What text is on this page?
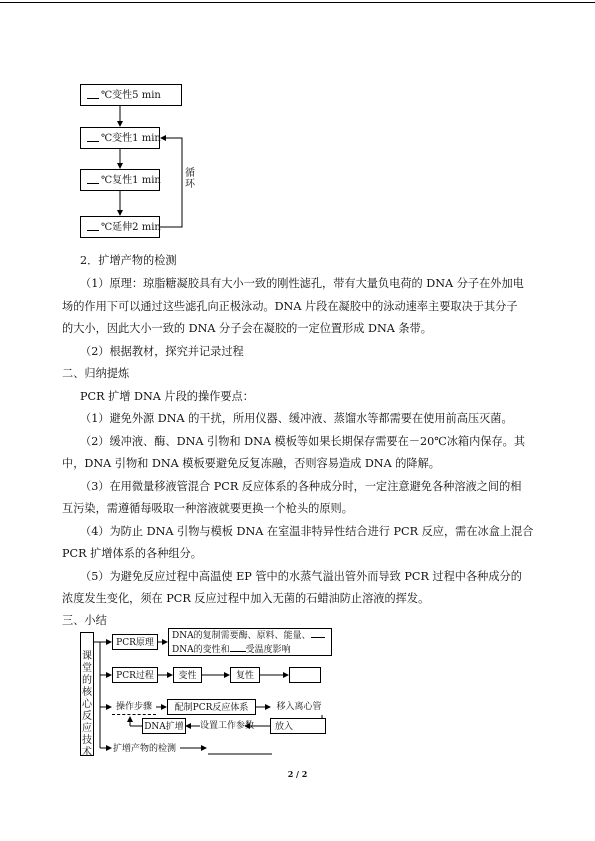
℃变性5 min
℃变性1 min
℃复性1 min
℃延伸2 min
循
环
2．扩增产物的检测
（1）原理：琼脂糖凝胶具有大小一致的刚性滤孔，带有大量负电荷的 DNA 分子在外加电
场的作用下可以通过这些滤孔向正极泳动。DNA 片段在凝胶中的泳动速率主要取决于其分子
的大小，因此大小一致的 DNA 分子会在凝胶的一定位置形成 DNA 条带。
（2）根据教材，探究并记录过程
二、归纳提炼
PCR 扩增 DNA 片段的操作要点：
（1）避免外源 DNA 的干扰，所用仪器、缓冲液、蒸馏水等都需要在使用前高压灭菌。
（2）缓冲液、酶、DNA 引物和 DNA 模板等如果长期保存需要在－20℃冰箱内保存。其
中，DNA 引物和 DNA 模板要避免反复冻融，否则容易造成 DNA 的降解。
（3）在用微量移液管混合 PCR 反应体系的各种成分时，一定注意避免各种溶液之间的相
互污染，需遵循每吸取一种溶液就要更换一个枪头的原则。
（4）为防止 DNA 引物与模板 DNA 在室温非特异性结合进行 PCR 反应，需在冰盒上混合
PCR 扩增体系的各种组分。
（5）为避免反应过程中高温使 EP 管中的水蒸气溢出管外而导致 PCR 过程中各种成分的
浓度发生变化，须在 PCR 反应过程中加入无菌的石蜡油防止溶液的挥发。
三、小结
课堂的核心反应技术
PCR原理
DNA的复制需要酶、原料、能量、
DNA的变性和 受温度影响
PCR过程	变性	复性
操作步骤	配制PCR反应体系	移入离心管
DNA扩增 设置工作参数	放入
扩增产物的检测
2 / 2
